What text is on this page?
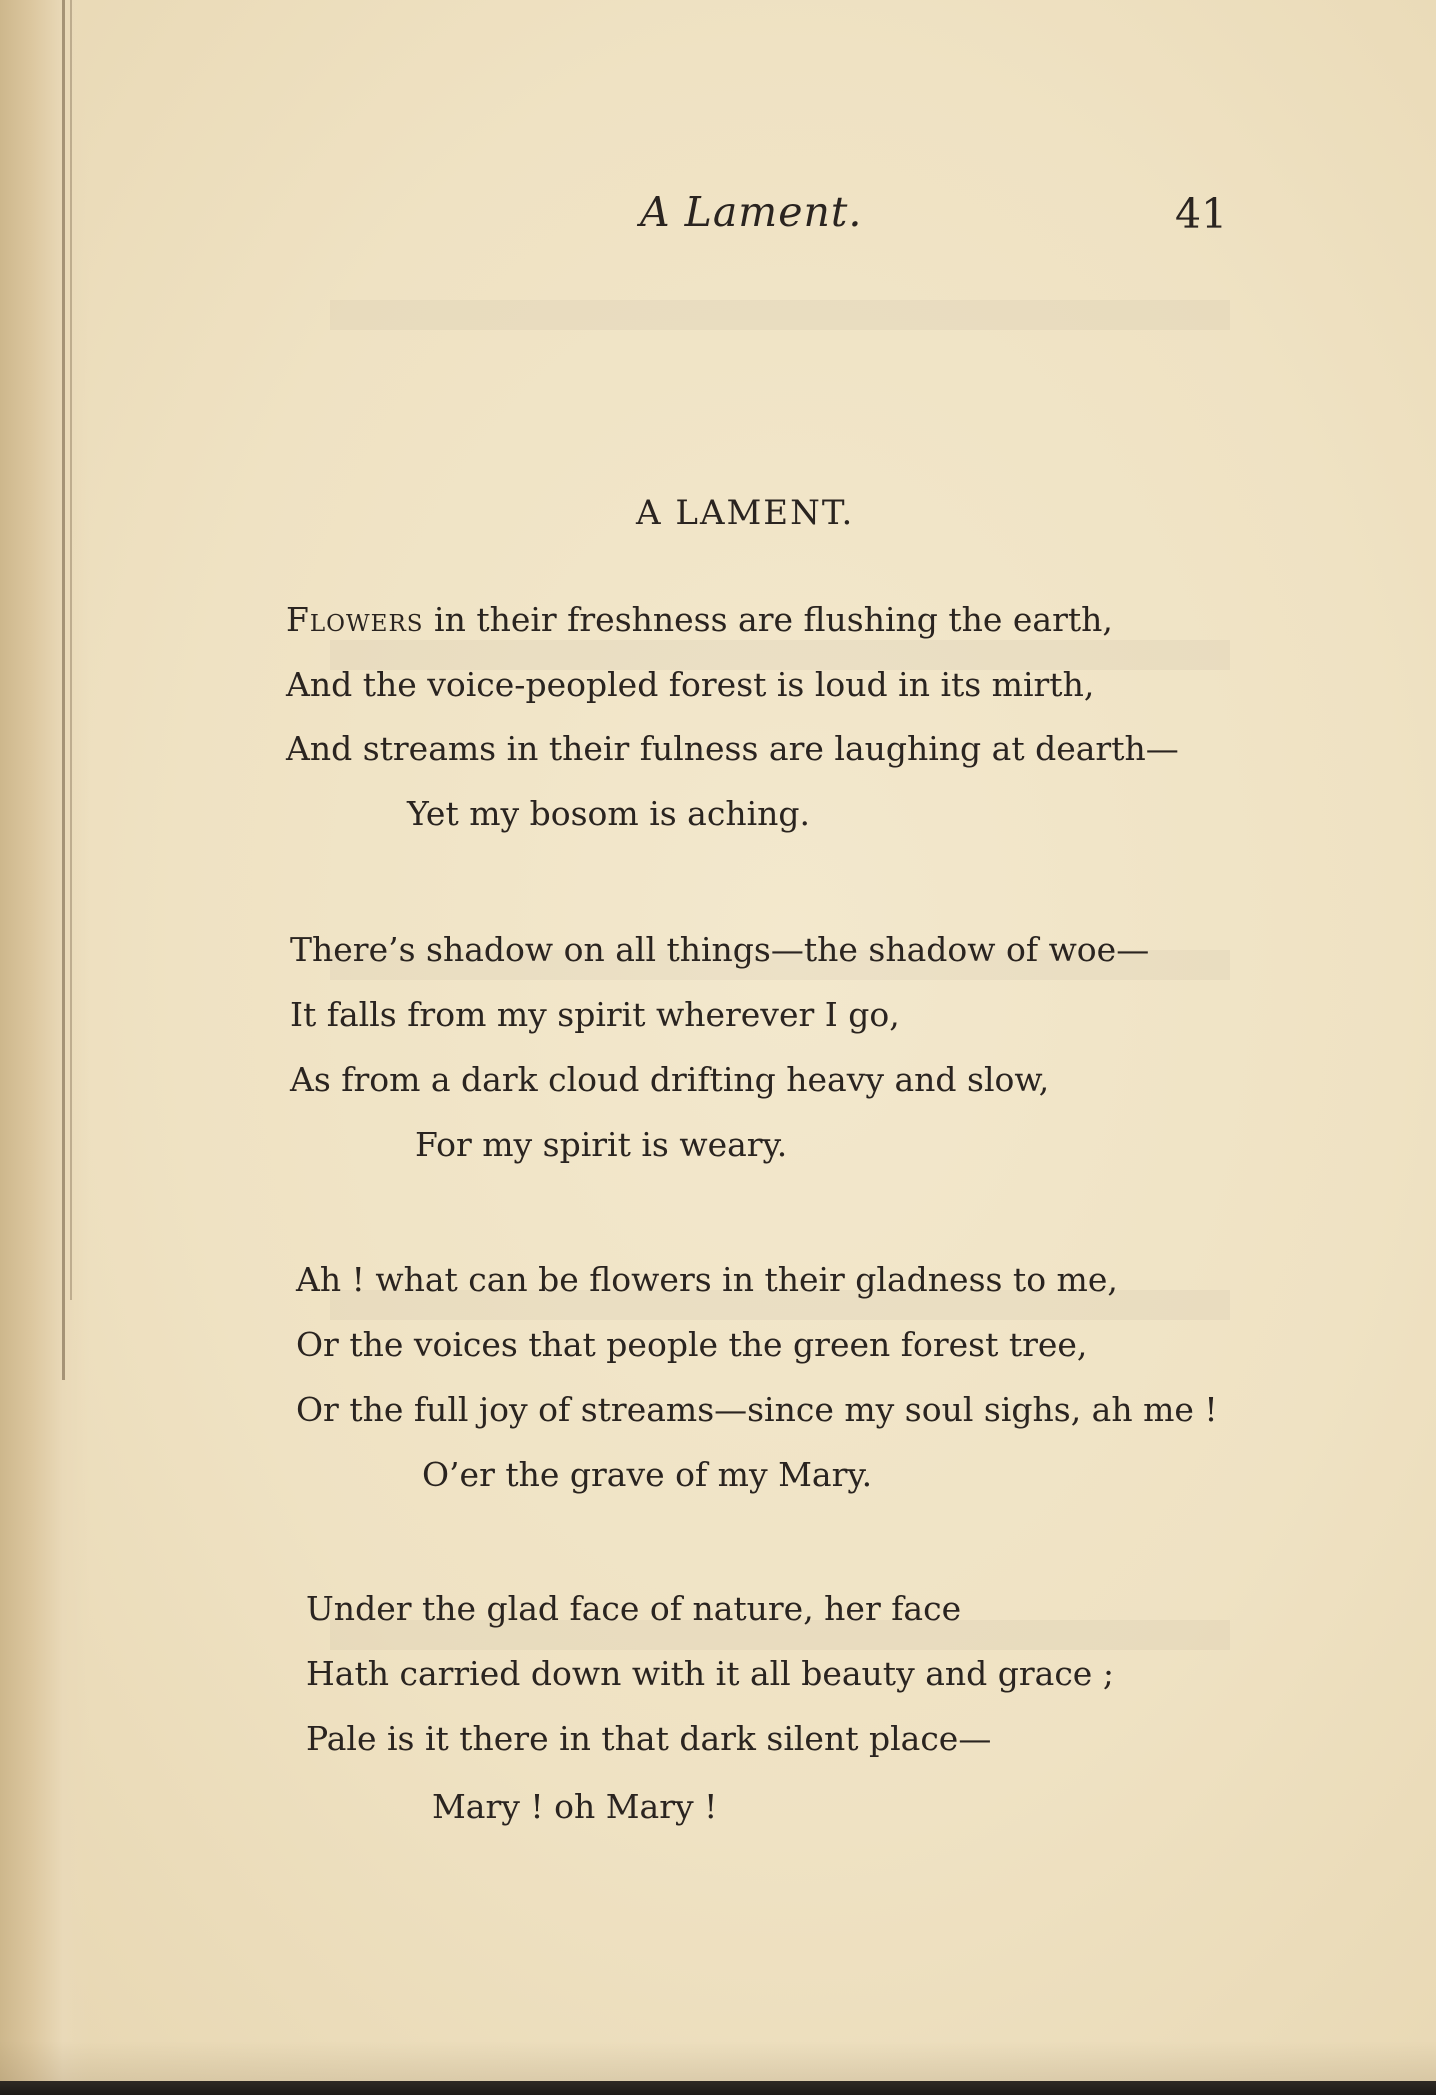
A Lament.	41
A LAMENT.
Flowers in their freshness are flushing the earth,
And the voice-peopled forest is loud in its mirth,
And streams in their fulness are laughing at dearth—
Yet my bosom is aching.
There’s shadow on all things—the shadow of woe—
It falls from my spirit wherever I go,
As from a dark cloud drifting heavy and slow,
For my spirit is weary.
Ah ! what can be flowers in their gladness to me,
Or the voices that people the green forest tree,
Or the full joy of streams—since my soul sighs, ah me !
O’er the grave of my Mary.
Under the glad face of nature, her face
Hath carried down with it all beauty and grace ;
Pale is it there in that dark silent place—
Mary ! oh Mary !
